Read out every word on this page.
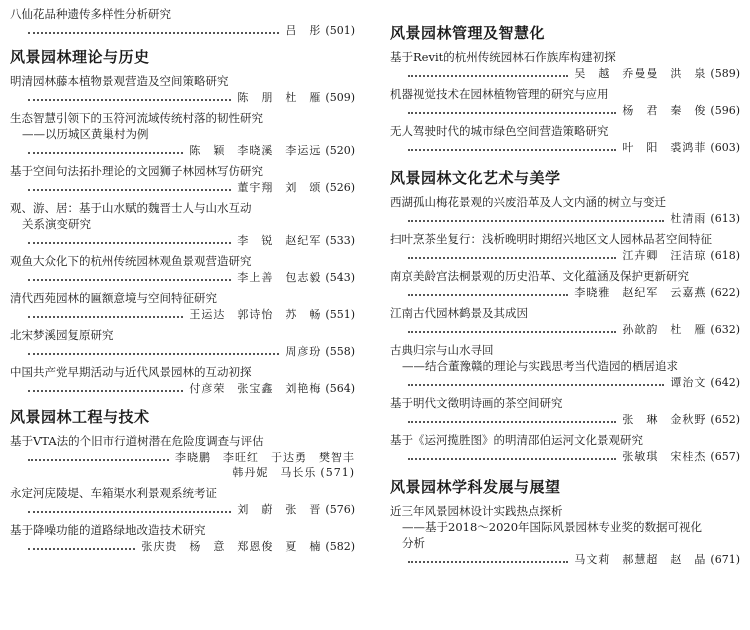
八仙花品种遗传多样性分析研究
吕　彤 (501)
风景园林理论与历史
明清园林藤本植物景观营造及空间策略研究
陈　朋　杜　雁 (509)
生态智慧引领下的玉符河流域传统村落的韧性研究
——以历城区黄巢村为例
陈　颖　李晓溪　李运远 (520)
基于空间句法拓扑理论的文园狮子林园林写仿研究
董宇翔　刘　颂 (526)
观、游、居：基于山水赋的魏晋士人与山水互动
关系演变研究
李　锐　赵纪军 (533)
观鱼大众化下的杭州传统园林观鱼景观营造研究
李上善　包志毅 (543)
清代西苑园林的匾额意境与空间特征研究
王运达　郭诗怡　苏　畅 (551)
北宋梦溪园复原研究
周彦玢 (558)
中国共产党早期活动与近代风景园林的互动初探
付彦荣　张宝鑫　刘艳梅 (564)
风景园林工程与技术
基于VTA法的个旧市行道树潜在危险度调查与评估
李晓鹏　李旺红　于达勇　樊智丰
韩丹妮　马长乐 (571)
永定河庑陵堤、车箱渠水利景观系统考证
刘　蔚　张　晋 (576)
基于降噪功能的道路绿地改造技术研究
张庆贵　杨　意　郑恩俊　夏　楠 (582)
风景园林管理及智慧化
基于Revit的杭州传统园林石作族库构建初探
吴　越　乔曼曼　洪　泉 (589)
机器视觉技术在园林植物管理的研究与应用
杨　君　秦　俊 (596)
无人驾驶时代的城市绿色空间营造策略研究
叶　阳　裘鸿菲 (603)
风景园林文化艺术与美学
西湖孤山梅花景观的兴废沿革及人文内涵的树立与变迁
杜清雨 (613)
扫叶烹茶坐复行：浅析晚明时期绍兴地区文人园林品茗空间特征
江卉卿　汪洁琼 (618)
南京美龄宫法桐景观的历史沿革、文化蕴涵及保护更新研究
李晓雅　赵纪军　云嘉燕 (622)
江南古代园林鹤景及其成因
孙歆韵　杜　雁 (632)
古典归宗与山水寻回
——结合董豫赣的理论与实践思考当代造园的栖居追求
谭治文 (642)
基于明代文徵明诗画的茶空间研究
张　琳　金秋野 (652)
基于《运河揽胜图》的明清邵伯运河文化景观研究
张敏琪　宋桂杰 (657)
风景园林学科发展与展望
近三年风景园林设计实践热点探析
——基于2018～2020年国际风景园林专业奖的数据可视化
分析
马文莉　郝慧超　赵　晶 (671)
